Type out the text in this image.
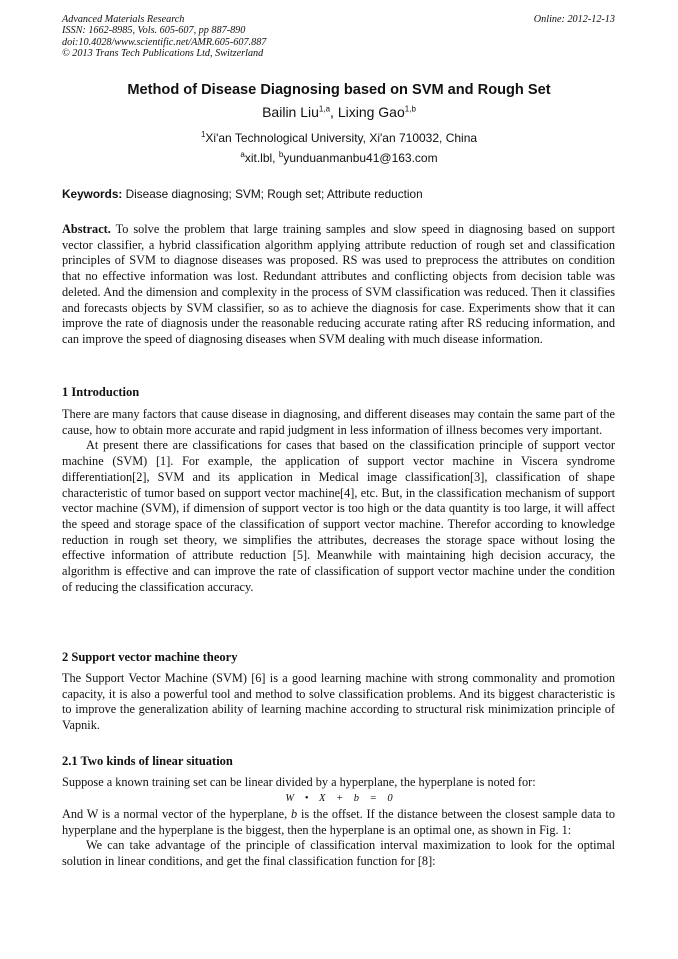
Advanced Materials Research
ISSN: 1662-8985, Vols. 605-607, pp 887-890
doi:10.4028/www.scientific.net/AMR.605-607.887
© 2013 Trans Tech Publications Ltd, Switzerland
Online: 2012-12-13
Method of Disease Diagnosing based on SVM and Rough Set
Bailin Liu$^{1,a}$, Lixing Gao$^{1,b}$
$^1$Xi'an Technological University, Xi'an 710032, China
$^a$xit.lbl, $^b$yunduanmanbu41@163.com
Keywords: Disease diagnosing; SVM; Rough set; Attribute reduction

Abstract. To solve the problem that large training samples and slow speed in diagnosing based on support vector classifier, a hybrid classification algorithm applying attribute reduction of rough set and classification principles of SVM to diagnose diseases was proposed. RS was used to preprocess the attributes on condition that no effective information was lost. Redundant attributes and conflicting objects from decision table was deleted. And the dimension and complexity in the process of SVM classification was reduced. Then it classifies and forecasts objects by SVM classifier, so as to achieve the diagnosis for case. Experiments show that it can improve the rate of diagnosis under the reasonable reducing accurate rating after RS reducing information, and can improve the speed of diagnosing diseases when SVM dealing with much disease information.

1 Introduction

There are many factors that cause disease in diagnosing, and different diseases may contain the same part of the cause, how to obtain more accurate and rapid judgment in less information of illness becomes very important.

At present there are classifications for cases that based on the classification principle of support vector machine (SVM) [1]. For example, the application of support vector machine in Viscera syndrome differentiation[2], SVM and its application in Medical image classification[3], classification of shape characteristic of tumor based on support vector machine[4], etc. But, in the classification mechanism of support vector machine (SVM), if dimension of support vector is too high or the data quantity is too large, it will affect the speed and storage space of the classification of support vector machine. Therefor according to knowledge reduction in rough set theory, we simplifies the attributes, decreases the storage space without losing the effective information of attribute reduction [5]. Meanwhile with maintaining high decision accuracy, the algorithm is effective and can improve the rate of classification of support vector machine under the condition of reducing the classification accuracy.

2 Support vector machine theory

The Support Vector Machine (SVM) [6] is a good learning machine with strong commonality and promotion capacity, it is also a powerful tool and method to solve classification problems. And its biggest characteristic is to improve the generalization ability of learning machine according to structural risk minimization principle of Vapnik.

2.1 Two kinds of linear situation

Suppose a known training set can be linear divided by a hyperplane, the hyperplane is noted for:

W • X + b = 0

And W is a normal vector of the hyperplane, b is the offset. If the distance between the closest sample data to hyperplane and the hyperplane is the biggest, then the hyperplane is an optimal one, as shown in Fig. 1:

We can take advantage of the principle of classification interval maximization to look for the optimal solution in linear conditions, and get the final classification function for [8]:
